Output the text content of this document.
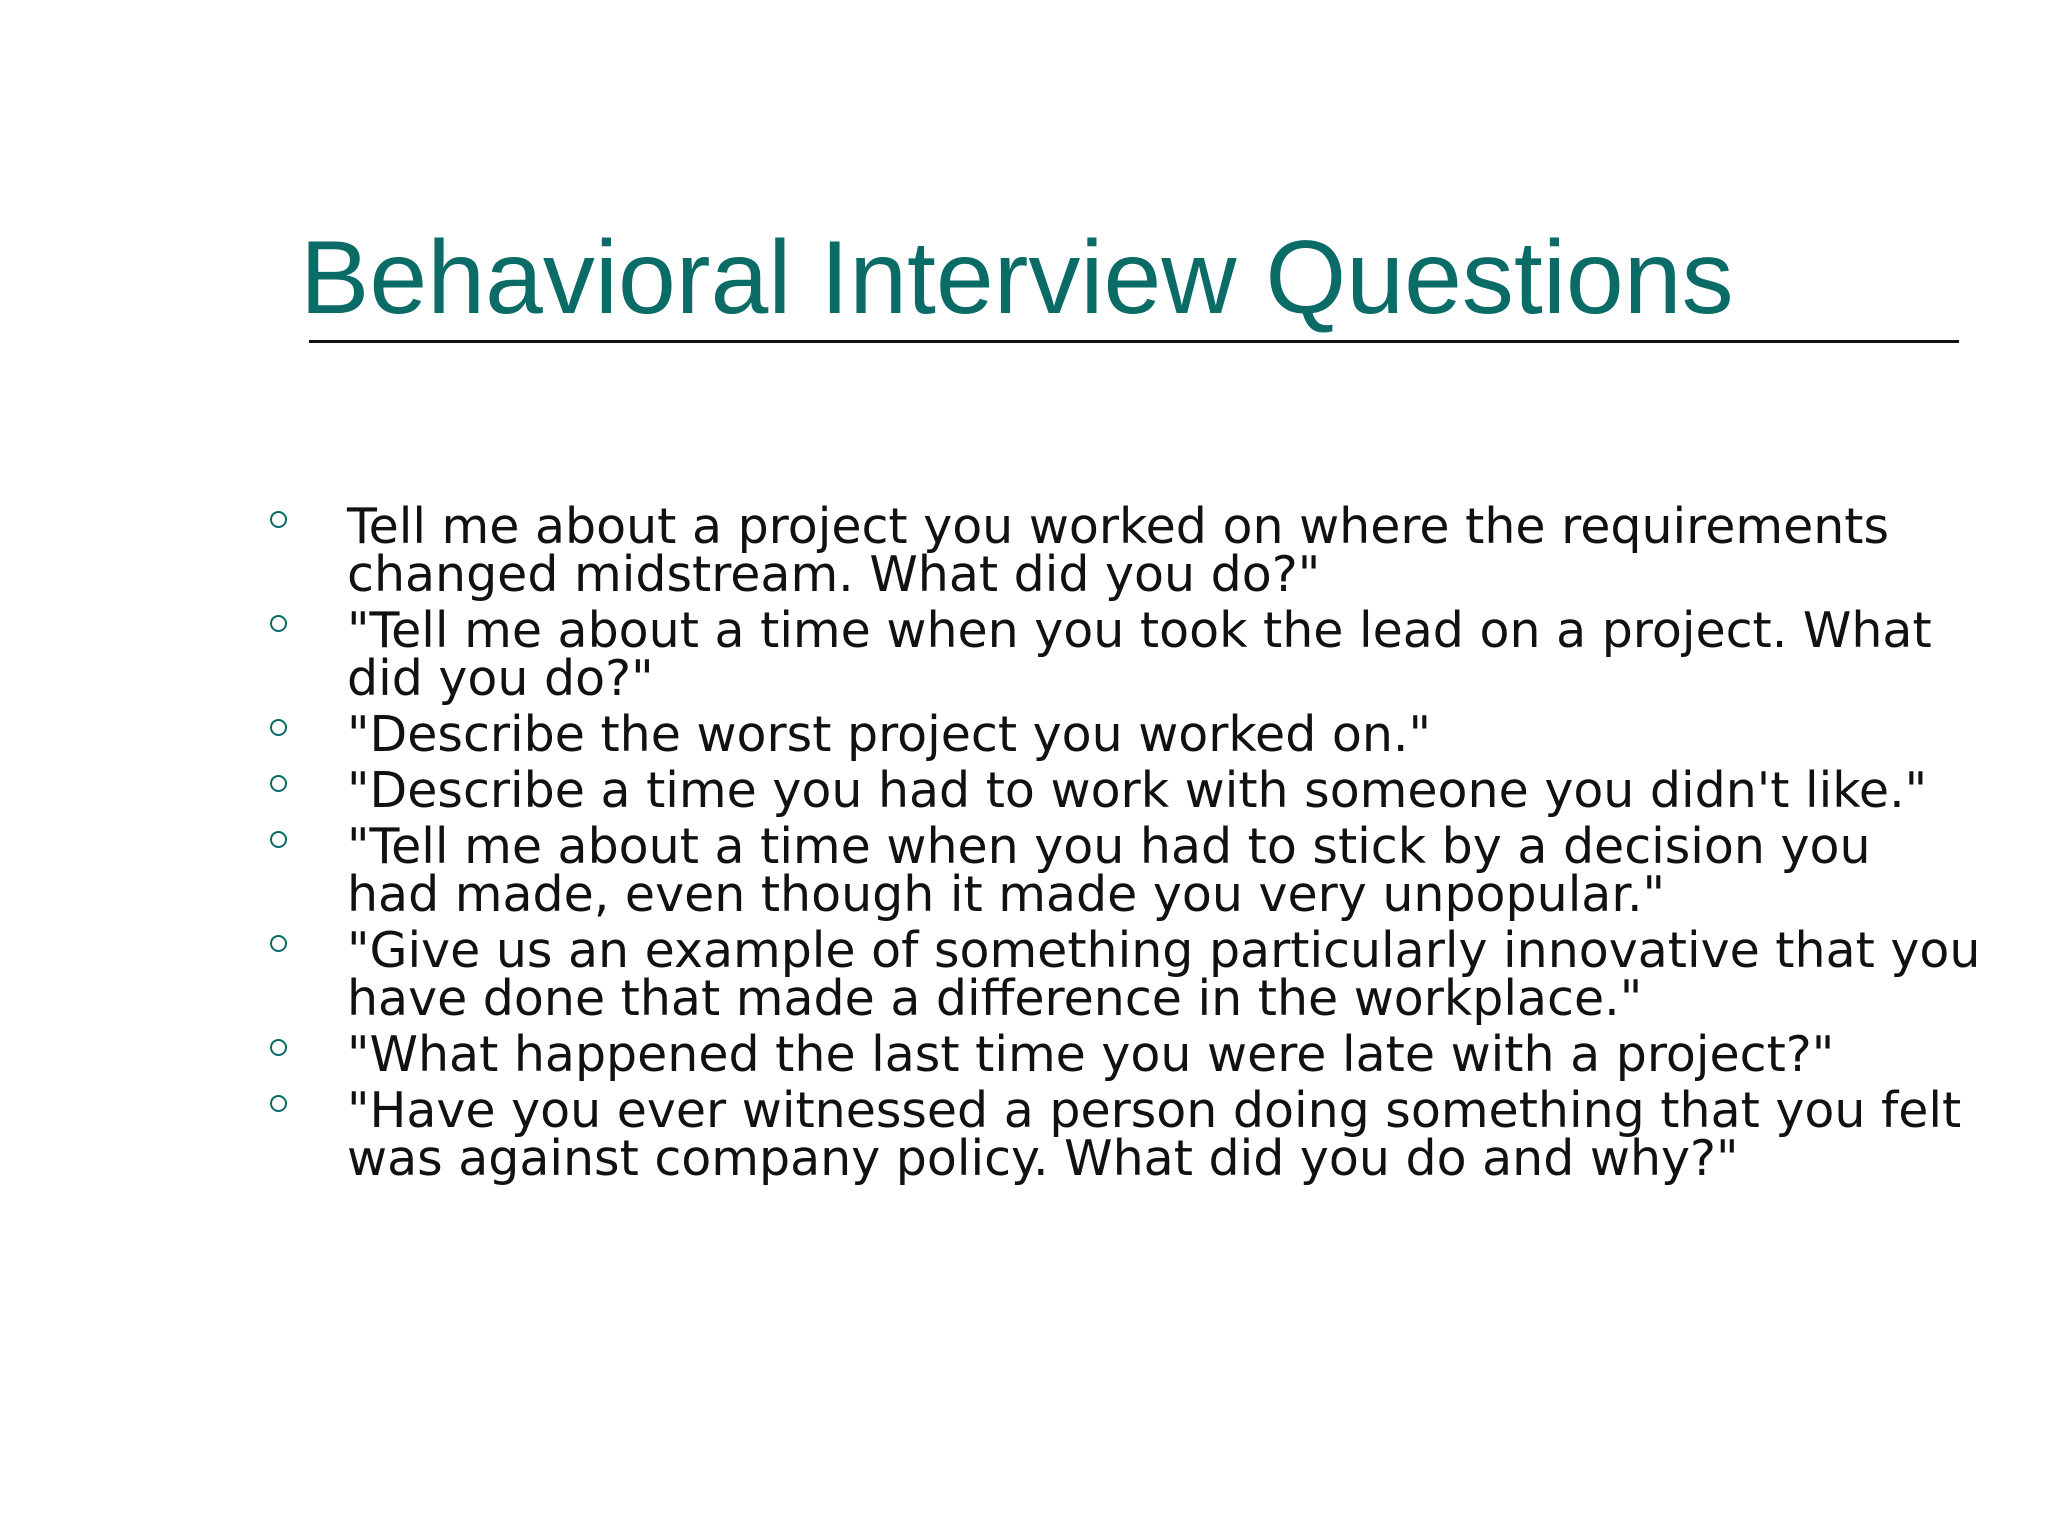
Behavioral Interview Questions
Tell me about a project you worked on where the requirements
changed midstream. What did you do?"
"Tell me about a time when you took the lead on a project. What
did you do?"
"Describe the worst project you worked on."
"Describe a time you had to work with someone you didn't like."
"Tell me about a time when you had to stick by a decision you
had made, even though it made you very unpopular."
"Give us an example of something particularly innovative that you
have done that made a difference in the workplace."
"What happened the last time you were late with a project?"
"Have you ever witnessed a person doing something that you felt
was against company policy. What did you do and why?"
